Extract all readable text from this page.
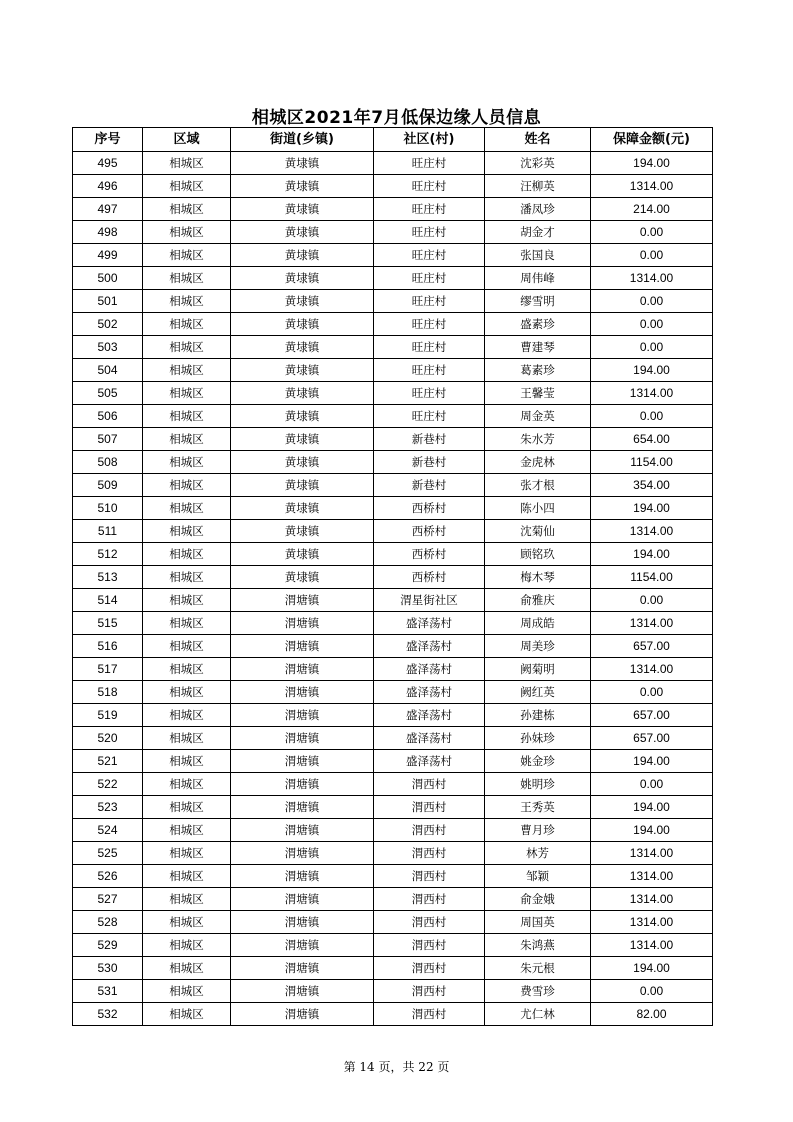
相城区2021年7月低保边缘人员信息
序号	区域	街道(乡镇)	社区(村)	姓名	保障金额(元)
495	相城区	黄埭镇	旺庄村	沈彩英	194.00
496	相城区	黄埭镇	旺庄村	汪柳英	1314.00
497	相城区	黄埭镇	旺庄村	潘凤珍	214.00
498	相城区	黄埭镇	旺庄村	胡金才	0.00
499	相城区	黄埭镇	旺庄村	张国良	0.00
500	相城区	黄埭镇	旺庄村	周伟峰	1314.00
501	相城区	黄埭镇	旺庄村	缪雪明	0.00
502	相城区	黄埭镇	旺庄村	盛素珍	0.00
503	相城区	黄埭镇	旺庄村	曹建琴	0.00
504	相城区	黄埭镇	旺庄村	葛素珍	194.00
505	相城区	黄埭镇	旺庄村	王馨莹	1314.00
506	相城区	黄埭镇	旺庄村	周金英	0.00
507	相城区	黄埭镇	新巷村	朱水芳	654.00
508	相城区	黄埭镇	新巷村	金虎林	1154.00
509	相城区	黄埭镇	新巷村	张才根	354.00
510	相城区	黄埭镇	西桥村	陈小四	194.00
511	相城区	黄埭镇	西桥村	沈菊仙	1314.00
512	相城区	黄埭镇	西桥村	顾铭玖	194.00
513	相城区	黄埭镇	西桥村	梅木琴	1154.00
514	相城区	渭塘镇	渭星街社区	俞雅庆	0.00
515	相城区	渭塘镇	盛泽荡村	周成皓	1314.00
516	相城区	渭塘镇	盛泽荡村	周美珍	657.00
517	相城区	渭塘镇	盛泽荡村	阙菊明	1314.00
518	相城区	渭塘镇	盛泽荡村	阙红英	0.00
519	相城区	渭塘镇	盛泽荡村	孙建栋	657.00
520	相城区	渭塘镇	盛泽荡村	孙妹珍	657.00
521	相城区	渭塘镇	盛泽荡村	姚金珍	194.00
522	相城区	渭塘镇	渭西村	姚明珍	0.00
523	相城区	渭塘镇	渭西村	王秀英	194.00
524	相城区	渭塘镇	渭西村	曹月珍	194.00
525	相城区	渭塘镇	渭西村	林芳	1314.00
526	相城区	渭塘镇	渭西村	邹颖	1314.00
527	相城区	渭塘镇	渭西村	俞金娥	1314.00
528	相城区	渭塘镇	渭西村	周国英	1314.00
529	相城区	渭塘镇	渭西村	朱鸿燕	1314.00
530	相城区	渭塘镇	渭西村	朱元根	194.00
531	相城区	渭塘镇	渭西村	费雪珍	0.00
532	相城区	渭塘镇	渭西村	尤仁林	82.00
第 14 页，共 22 页
